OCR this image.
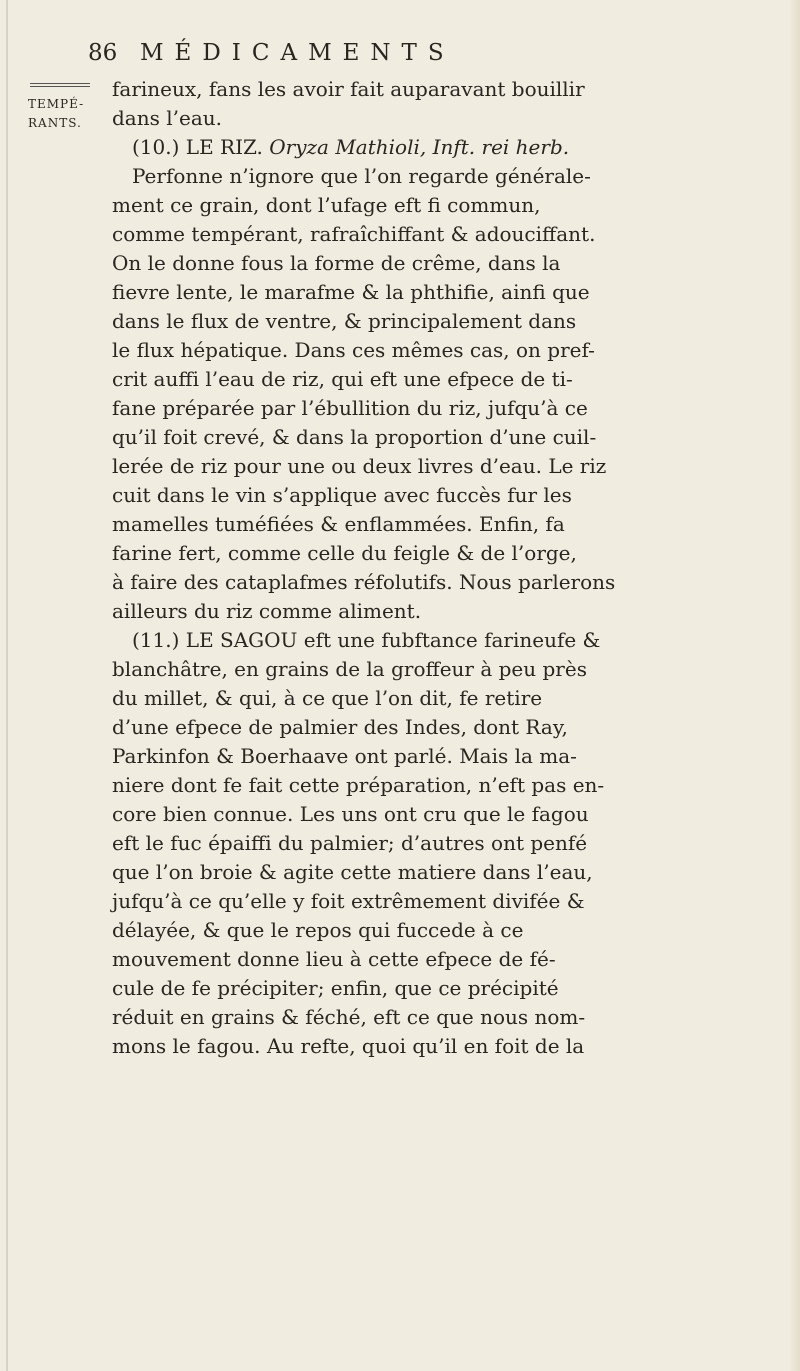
86 MÉDICAMENTS
TEMPÉ-
RANTS.
farineux, fans les avoir fait auparavant bouillir
dans l’eau.
(10.) LE RIZ. Oryza Mathioli, Inft. rei herb.
Perfonne n’ignore que l’on regarde générale-
ment ce grain, dont l’ufage eft fi commun,
comme tempérant, rafraîchiffant & adouciffant.
On le donne fous la forme de crême, dans la
fievre lente, le marafme & la phthifie, ainfi que
dans le flux de ventre, & principalement dans
le flux hépatique. Dans ces mêmes cas, on pref-
crit auffi l’eau de riz, qui eft une efpece de ti-
fane préparée par l’ébullition du riz, jufqu’à ce
qu’il foit crevé, & dans la proportion d’une cuil-
lerée de riz pour une ou deux livres d’eau. Le riz
cuit dans le vin s’applique avec fuccès fur les
mamelles tuméfiées & enflammées. Enfin, fa
farine fert, comme celle du feigle & de l’orge,
à faire des cataplafmes réfolutifs. Nous parlerons
ailleurs du riz comme aliment.
(11.) LE SAGOU eft une fubftance farineufe &
blanchâtre, en grains de la groffeur à peu près
du millet, & qui, à ce que l’on dit, fe retire
d’une efpece de palmier des Indes, dont Ray,
Parkinfon & Boerhaave ont parlé. Mais la ma-
niere dont fe fait cette préparation, n’eft pas en-
core bien connue. Les uns ont cru que le fagou
eft le fuc épaiffi du palmier; d’autres ont penfé
que l’on broie & agite cette matiere dans l’eau,
jufqu’à ce qu’elle y foit extrêmement divifée &
délayée, & que le repos qui fuccede à ce
mouvement donne lieu à cette efpece de fé-
cule de fe précipiter; enfin, que ce précipité
réduit en grains & féché, eft ce que nous nom-
mons le fagou. Au refte, quoi qu’il en foit de la
